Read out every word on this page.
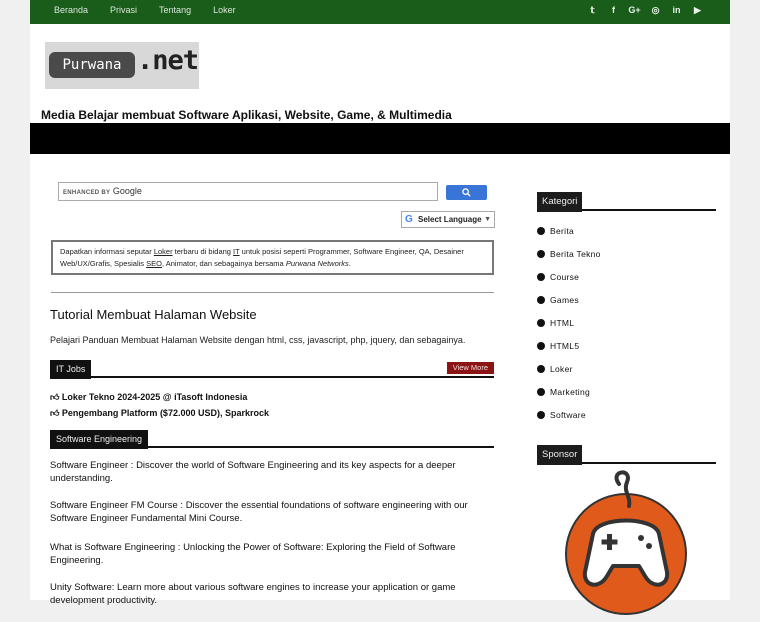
Beranda Privasi Tentang Loker	𝕥	f	G+	◎	in	▶
Purwana .net
Media Belajar membuat Software Aplikasi, Website, Game, & Multimedia
ENHANCED BY Google
G Select Language ▼
Dapatkan informasi seputar Loker terbaru di bidang IT untuk posisi seperti Programmer, Software Engineer, QA, Desainer Web/UX/Grafis, Spesialis SEO, Animator, dan sebagainya bersama Purwana Networks.
Tutorial Membuat Halaman Website
Pelajari Panduan Membuat Halaman Website dengan html, css, javascript, php, jquery, dan sebagainya.
IT Jobs	View More
👍︎ Loker Tekno 2024-2025 @ iTasoft Indonesia
👍︎ Pengembang Platform ($72.000 USD), Sparkrock
Software Engineering
Software Engineer : Discover the world of Software Engineering and its key aspects for a deeper understanding.
Software Engineer FM Course : Discover the essential foundations of software engineering with our Software Engineer Fundamental Mini Course.
What is Software Engineering : Unlocking the Power of Software: Exploring the Field of Software Engineering.
Unity Software: Learn more about various software engines to increase your application or game development productivity.
Kategori
Berita
Berita Tekno
Course
Games
HTML
HTML5
Loker
Marketing
Software
Sponsor
